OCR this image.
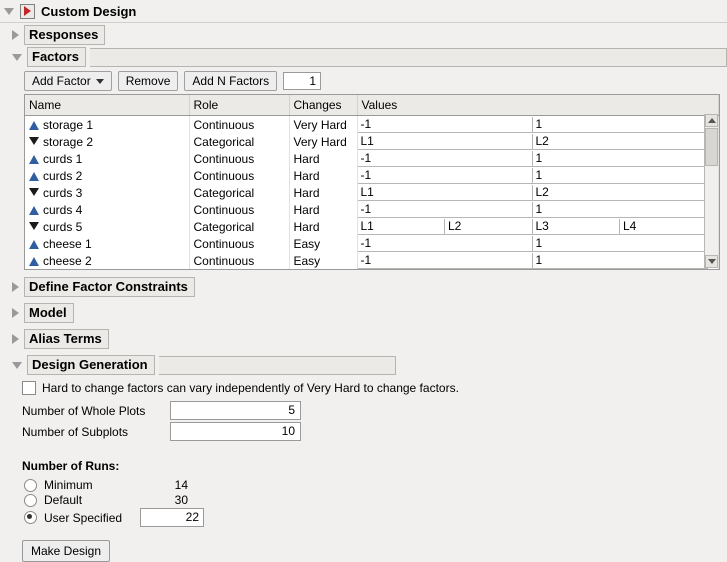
Custom Design
Responses
Factors
Add Factor	Remove	Add N Factors	1
Name	Role	Changes	Values
storage 1	Continuous	Very Hard	-1 1

storage 2	Categorical	Very Hard	L1 L2

curds 1	Continuous	Hard	-1 1

curds 2	Continuous	Hard	-1 1

curds 3	Categorical	Hard	L1 L2

curds 4	Continuous	Hard	-1 1

curds 5	Categorical	Hard	L1 L2 L3 L4

cheese 1	Continuous	Easy	-1 1

cheese 2	Continuous	Easy	-1 1
Define Factor Constraints
Model
Alias Terms
Design Generation
Hard to change factors can vary independently of Very Hard to change factors.
Number of Whole Plots	5
Number of Subplots	10
Number of Runs:
Minimum	14
Default	30
User Specified	22
Make Design
